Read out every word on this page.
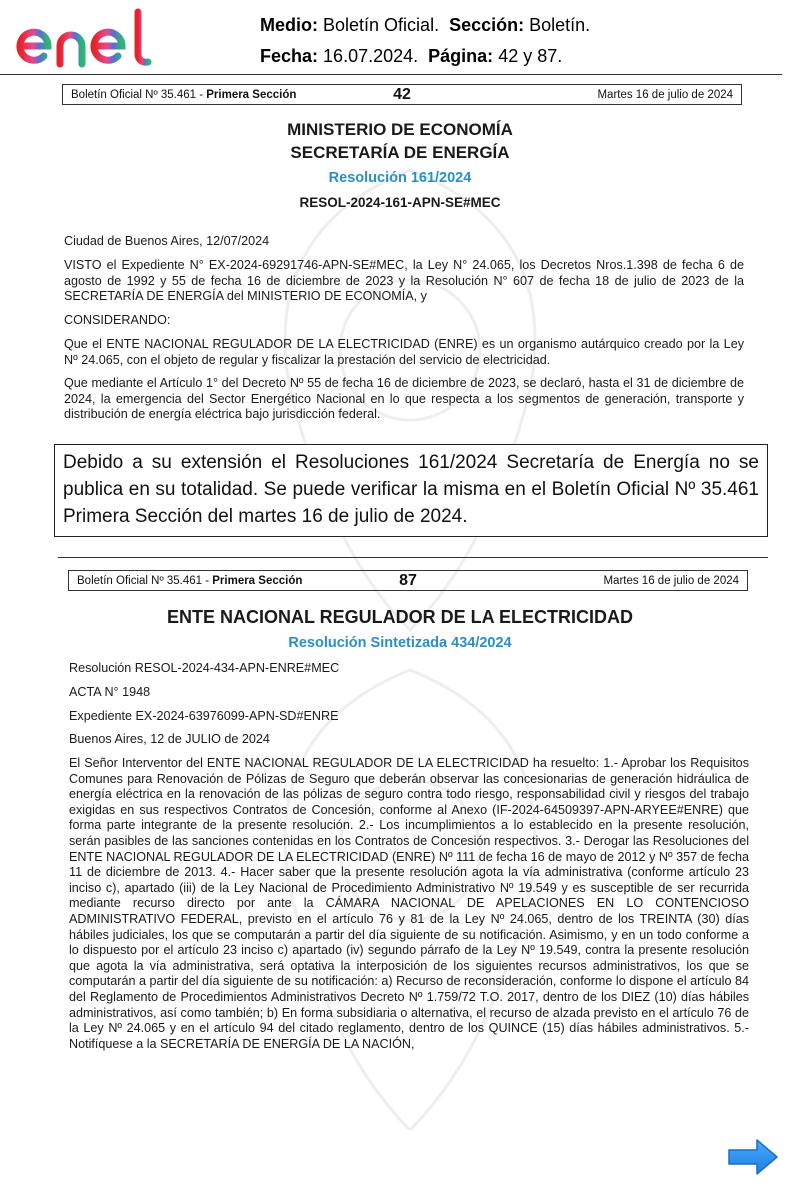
Medio: Boletín Oficial. Sección: Boletín.
Fecha: 16.07.2024. Página: 42 y 87.
Boletín Oficial Nº 35.461 - Primera Sección	42	Martes 16 de julio de 2024
MINISTERIO DE ECONOMÍA
SECRETARÍA DE ENERGÍA
Resolución 161/2024
RESOL-2024-161-APN-SE#MEC
Ciudad de Buenos Aires, 12/07/2024
VISTO el Expediente N° EX-2024-69291746-APN-SE#MEC, la Ley N° 24.065, los Decretos Nros.1.398 de fecha 6 de agosto de 1992 y 55 de fecha 16 de diciembre de 2023 y la Resolución N° 607 de fecha 18 de julio de 2023 de la SECRETARÍA DE ENERGÍA del MINISTERIO DE ECONOMÍA, y
CONSIDERANDO:
Que el ENTE NACIONAL REGULADOR DE LA ELECTRICIDAD (ENRE) es un organismo autárquico creado por la Ley Nº 24.065, con el objeto de regular y fiscalizar la prestación del servicio de electricidad.
Que mediante el Artículo 1° del Decreto Nº 55 de fecha 16 de diciembre de 2023, se declaró, hasta el 31 de diciembre de 2024, la emergencia del Sector Energético Nacional en lo que respecta a los segmentos de generación, transporte y distribución de energía eléctrica bajo jurisdicción federal.
Debido a su extensión el Resoluciones 161/2024 Secretaría de Energía no se publica en su totalidad. Se puede verificar la misma en el Boletín Oficial Nº 35.461 Primera Sección del martes 16 de julio de 2024.
Boletín Oficial Nº 35.461 - Primera Sección	87	Martes 16 de julio de 2024
ENTE NACIONAL REGULADOR DE LA ELECTRICIDAD
Resolución Sintetizada 434/2024
Resolución RESOL-2024-434-APN-ENRE#MEC
ACTA N° 1948
Expediente EX-2024-63976099-APN-SD#ENRE
Buenos Aires, 12 de JULIO de 2024
El Señor Interventor del ENTE NACIONAL REGULADOR DE LA ELECTRICIDAD ha resuelto: 1.- Aprobar los Requisitos Comunes para Renovación de Pólizas de Seguro que deberán observar las concesionarias de generación hidráulica de energía eléctrica en la renovación de las pólizas de seguro contra todo riesgo, responsabilidad civil y riesgos del trabajo exigidas en sus respectivos Contratos de Concesión, conforme al Anexo (IF-2024-64509397-APN-ARYEE#ENRE) que forma parte integrante de la presente resolución. 2.- Los incumplimientos a lo establecido en la presente resolución, serán pasibles de las sanciones contenidas en los Contratos de Concesión respectivos. 3.- Derogar las Resoluciones del ENTE NACIONAL REGULADOR DE LA ELECTRICIDAD (ENRE) Nº 111 de fecha 16 de mayo de 2012 y Nº 357 de fecha 11 de diciembre de 2013. 4.- Hacer saber que la presente resolución agota la vía administrativa (conforme artículo 23 inciso c), apartado (iii) de la Ley Nacional de Procedimiento Administrativo Nº 19.549 y es susceptible de ser recurrida mediante recurso directo por ante la CÁMARA NACIONAL DE APELACIONES EN LO CONTENCIOSO ADMINISTRATIVO FEDERAL, previsto en el artículo 76 y 81 de la Ley Nº 24.065, dentro de los TREINTA (30) días hábiles judiciales, los que se computarán a partir del día siguiente de su notificación. Asimismo, y en un todo conforme a lo dispuesto por el artículo 23 inciso c) apartado (iv) segundo párrafo de la Ley Nº 19.549, contra la presente resolución que agota la vía administrativa, será optativa la interposición de los siguientes recursos administrativos, los que se computarán a partir del día siguiente de su notificación: a) Recurso de reconsideración, conforme lo dispone el artículo 84 del Reglamento de Procedimientos Administrativos Decreto Nº 1.759/72 T.O. 2017, dentro de los DIEZ (10) días hábiles administrativos, así como también; b) En forma subsidiaria o alternativa, el recurso de alzada previsto en el artículo 76 de la Ley Nº 24.065 y en el artículo 94 del citado reglamento, dentro de los QUINCE (15) días hábiles administrativos. 5.- Notifíquese a la SECRETARÍA DE ENERGÍA DE LA NACIÓN,
